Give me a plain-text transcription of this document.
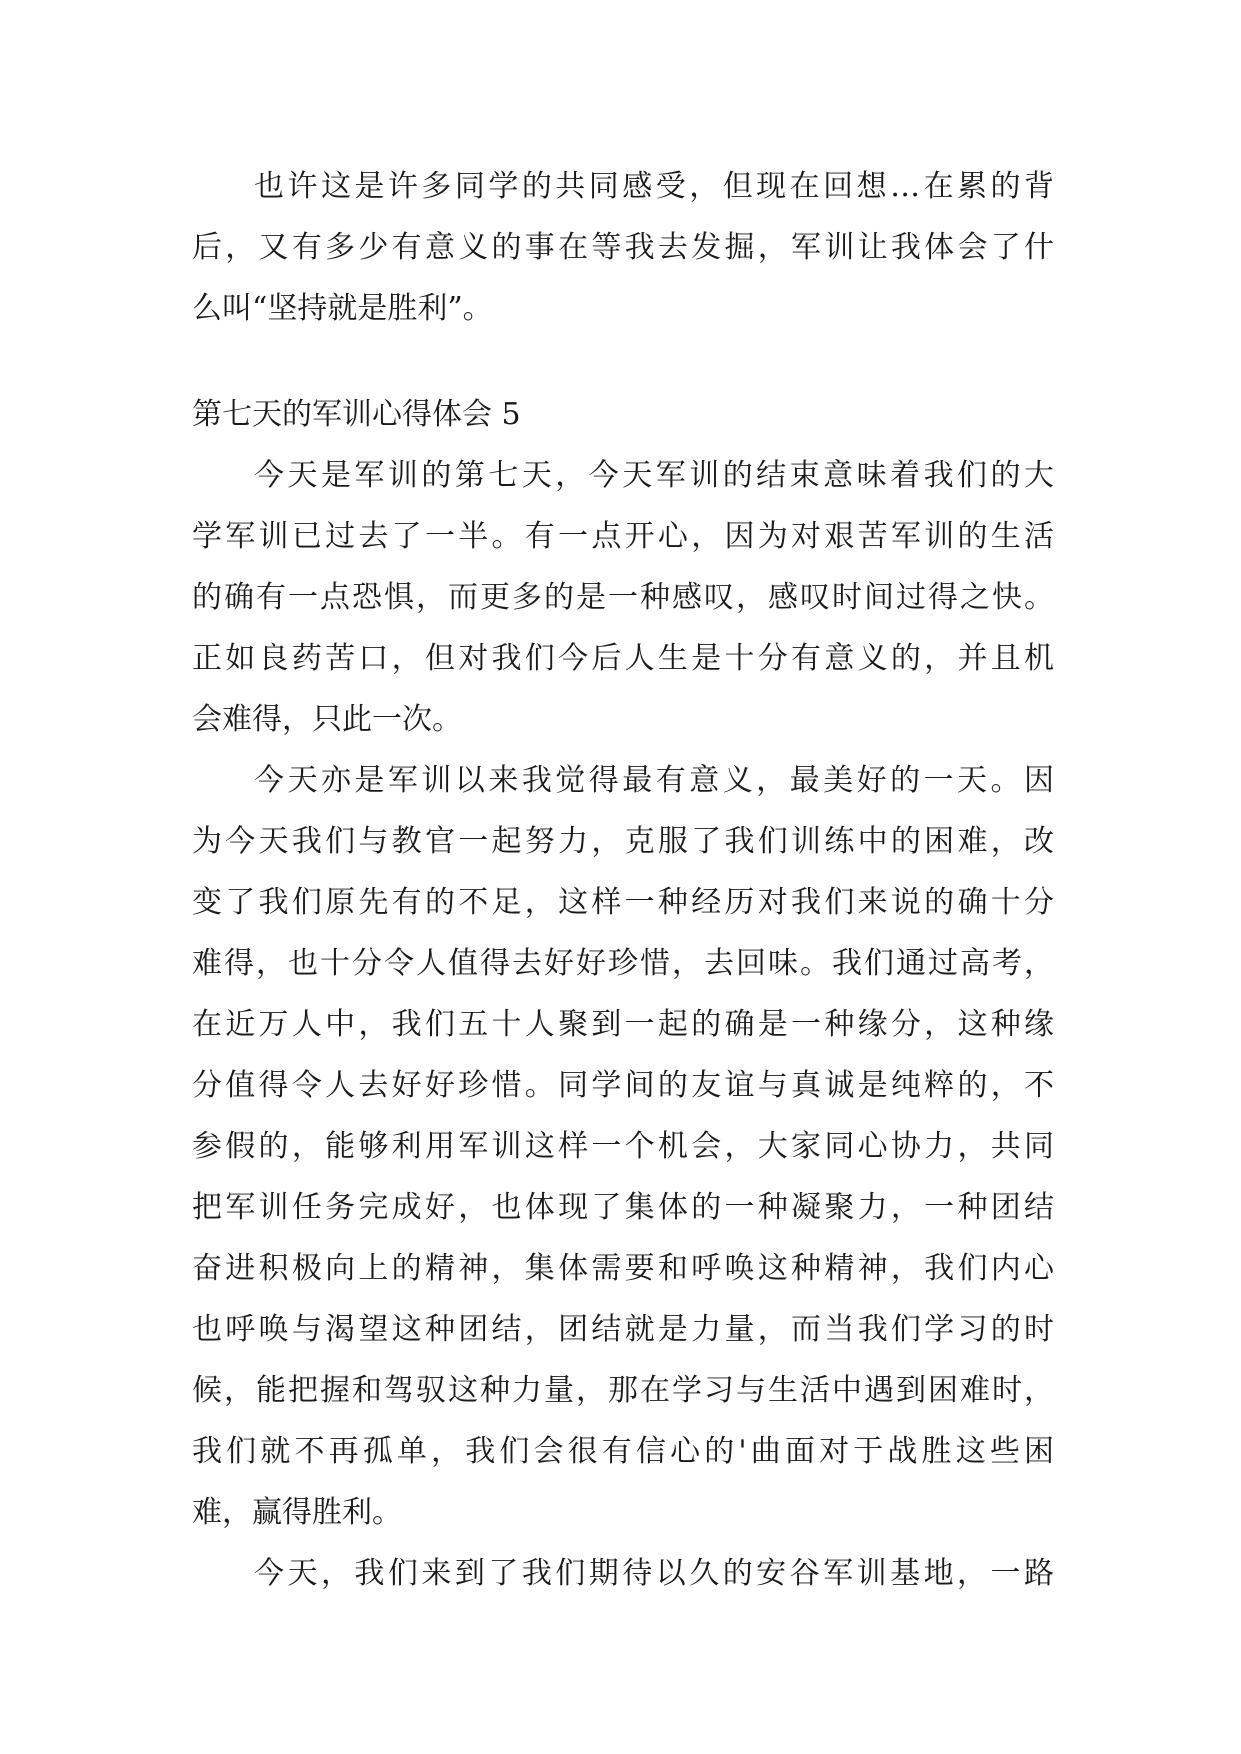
也许这是许多同学的共同感受，但现在回想…在累的背
后，又有多少有意义的事在等我去发掘，军训让我体会了什
么叫“坚持就是胜利”。
第七天的军训心得体会 5
今天是军训的第七天，今天军训的结束意味着我们的大
学军训已过去了一半。有一点开心，因为对艰苦军训的生活
的确有一点恐惧，而更多的是一种感叹，感叹时间过得之快。
正如良药苦口，但对我们今后人生是十分有意义的，并且机
会难得，只此一次。
今天亦是军训以来我觉得最有意义，最美好的一天。因
为今天我们与教官一起努力，克服了我们训练中的困难，改
变了我们原先有的不足，这样一种经历对我们来说的确十分
难得，也十分令人值得去好好珍惜，去回味。我们通过高考，
在近万人中，我们五十人聚到一起的确是一种缘分，这种缘
分值得令人去好好珍惜。同学间的友谊与真诚是纯粹的，不
参假的，能够利用军训这样一个机会，大家同心协力，共同
把军训任务完成好，也体现了集体的一种凝聚力，一种团结
奋进积极向上的精神，集体需要和呼唤这种精神，我们内心
也呼唤与渴望这种团结，团结就是力量，而当我们学习的时
候，能把握和驾驭这种力量，那在学习与生活中遇到困难时，
我们就不再孤单，我们会很有信心的'曲面对于战胜这些困
难，赢得胜利。
今天，我们来到了我们期待以久的安谷军训基地，一路
